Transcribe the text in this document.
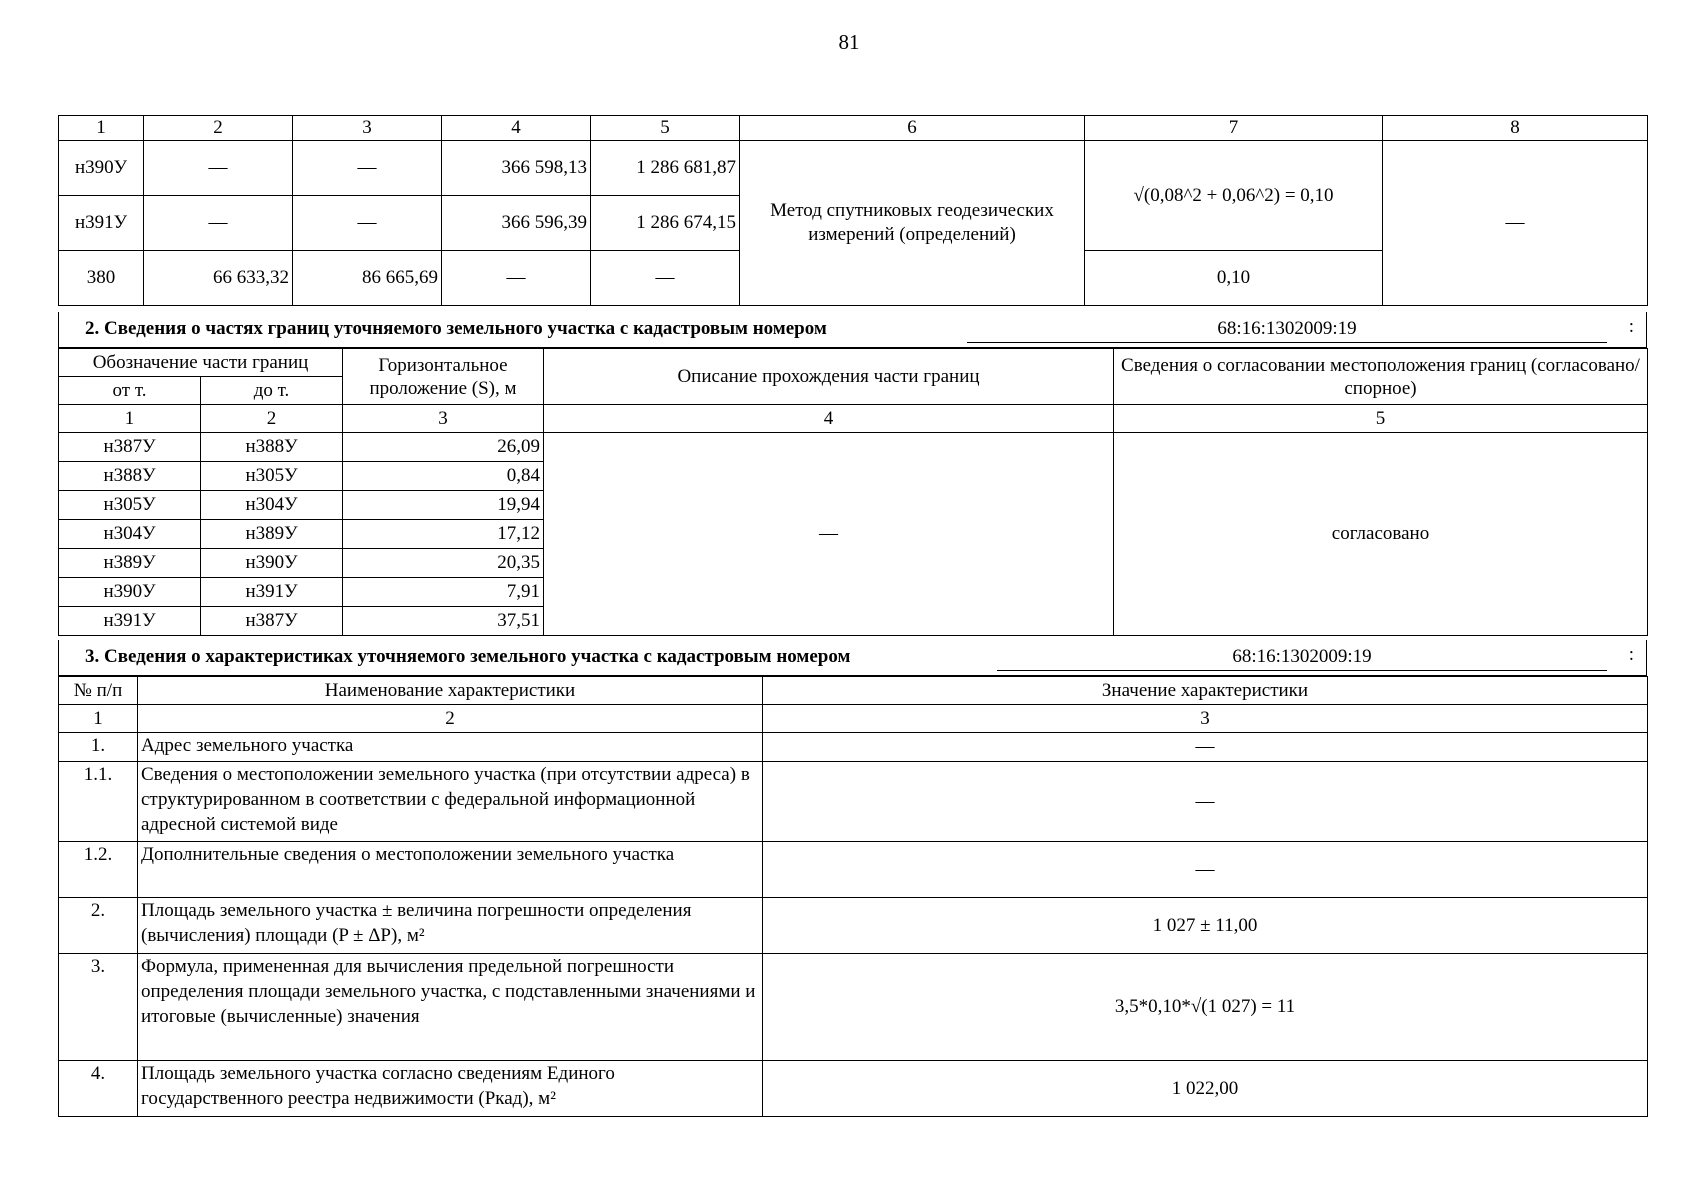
81
1	2	3	4	5	6	7	8
н390У	—	—	366 598,13	1 286 681,87	Метод спутниковых геодезических измерений (определений)	√(0,08^2 + 0,06^2) = 0,10	—
н391У	—	—	366 596,39	1 286 674,15			
380	66 633,32	86 665,69	—	—		0,10	
2. Сведения о частях границ уточняемого земельного участка с кадастровым номером	68:16:1302009:19	:
Обозначение части границ		Горизонтальное проложение (S), м	Описание прохождения части границ	Сведения о согласовании местоположения границ (согласовано/спорное)
от т.	до т.			
1	2	3	4	5
н387У	н388У	26,09	—	согласовано
н388У	н305У	0,84		
н305У	н304У	19,94		
н304У	н389У	17,12		
н389У	н390У	20,35		
н390У	н391У	7,91		
н391У	н387У	37,51		
3. Сведения о характеристиках уточняемого земельного участка с кадастровым номером	68:16:1302009:19	:
№ п/п	Наименование характеристики	Значение характеристики
1	2	3
1.	Адрес земельного участка	—
1.1.	Сведения о местоположении земельного участка (при отсутствии адреса) в структурированном в соответствии с федеральной информационной адресной системой виде	—
1.2.	Дополнительные сведения о местоположении земельного участка	—
2.	Площадь земельного участка ± величина погрешности определения (вычисления) площади (P ± ΔP), м²	1 027 ± 11,00
3.	Формула, примененная для вычисления предельной погрешности определения площади земельного участка, с подставленными значениями и итоговые (вычисленные) значения	3,5*0,10*√(1 027) = 11
4.	Площадь земельного участка согласно сведениям Единого государственного реестра недвижимости (Ркад), м²	1 022,00
